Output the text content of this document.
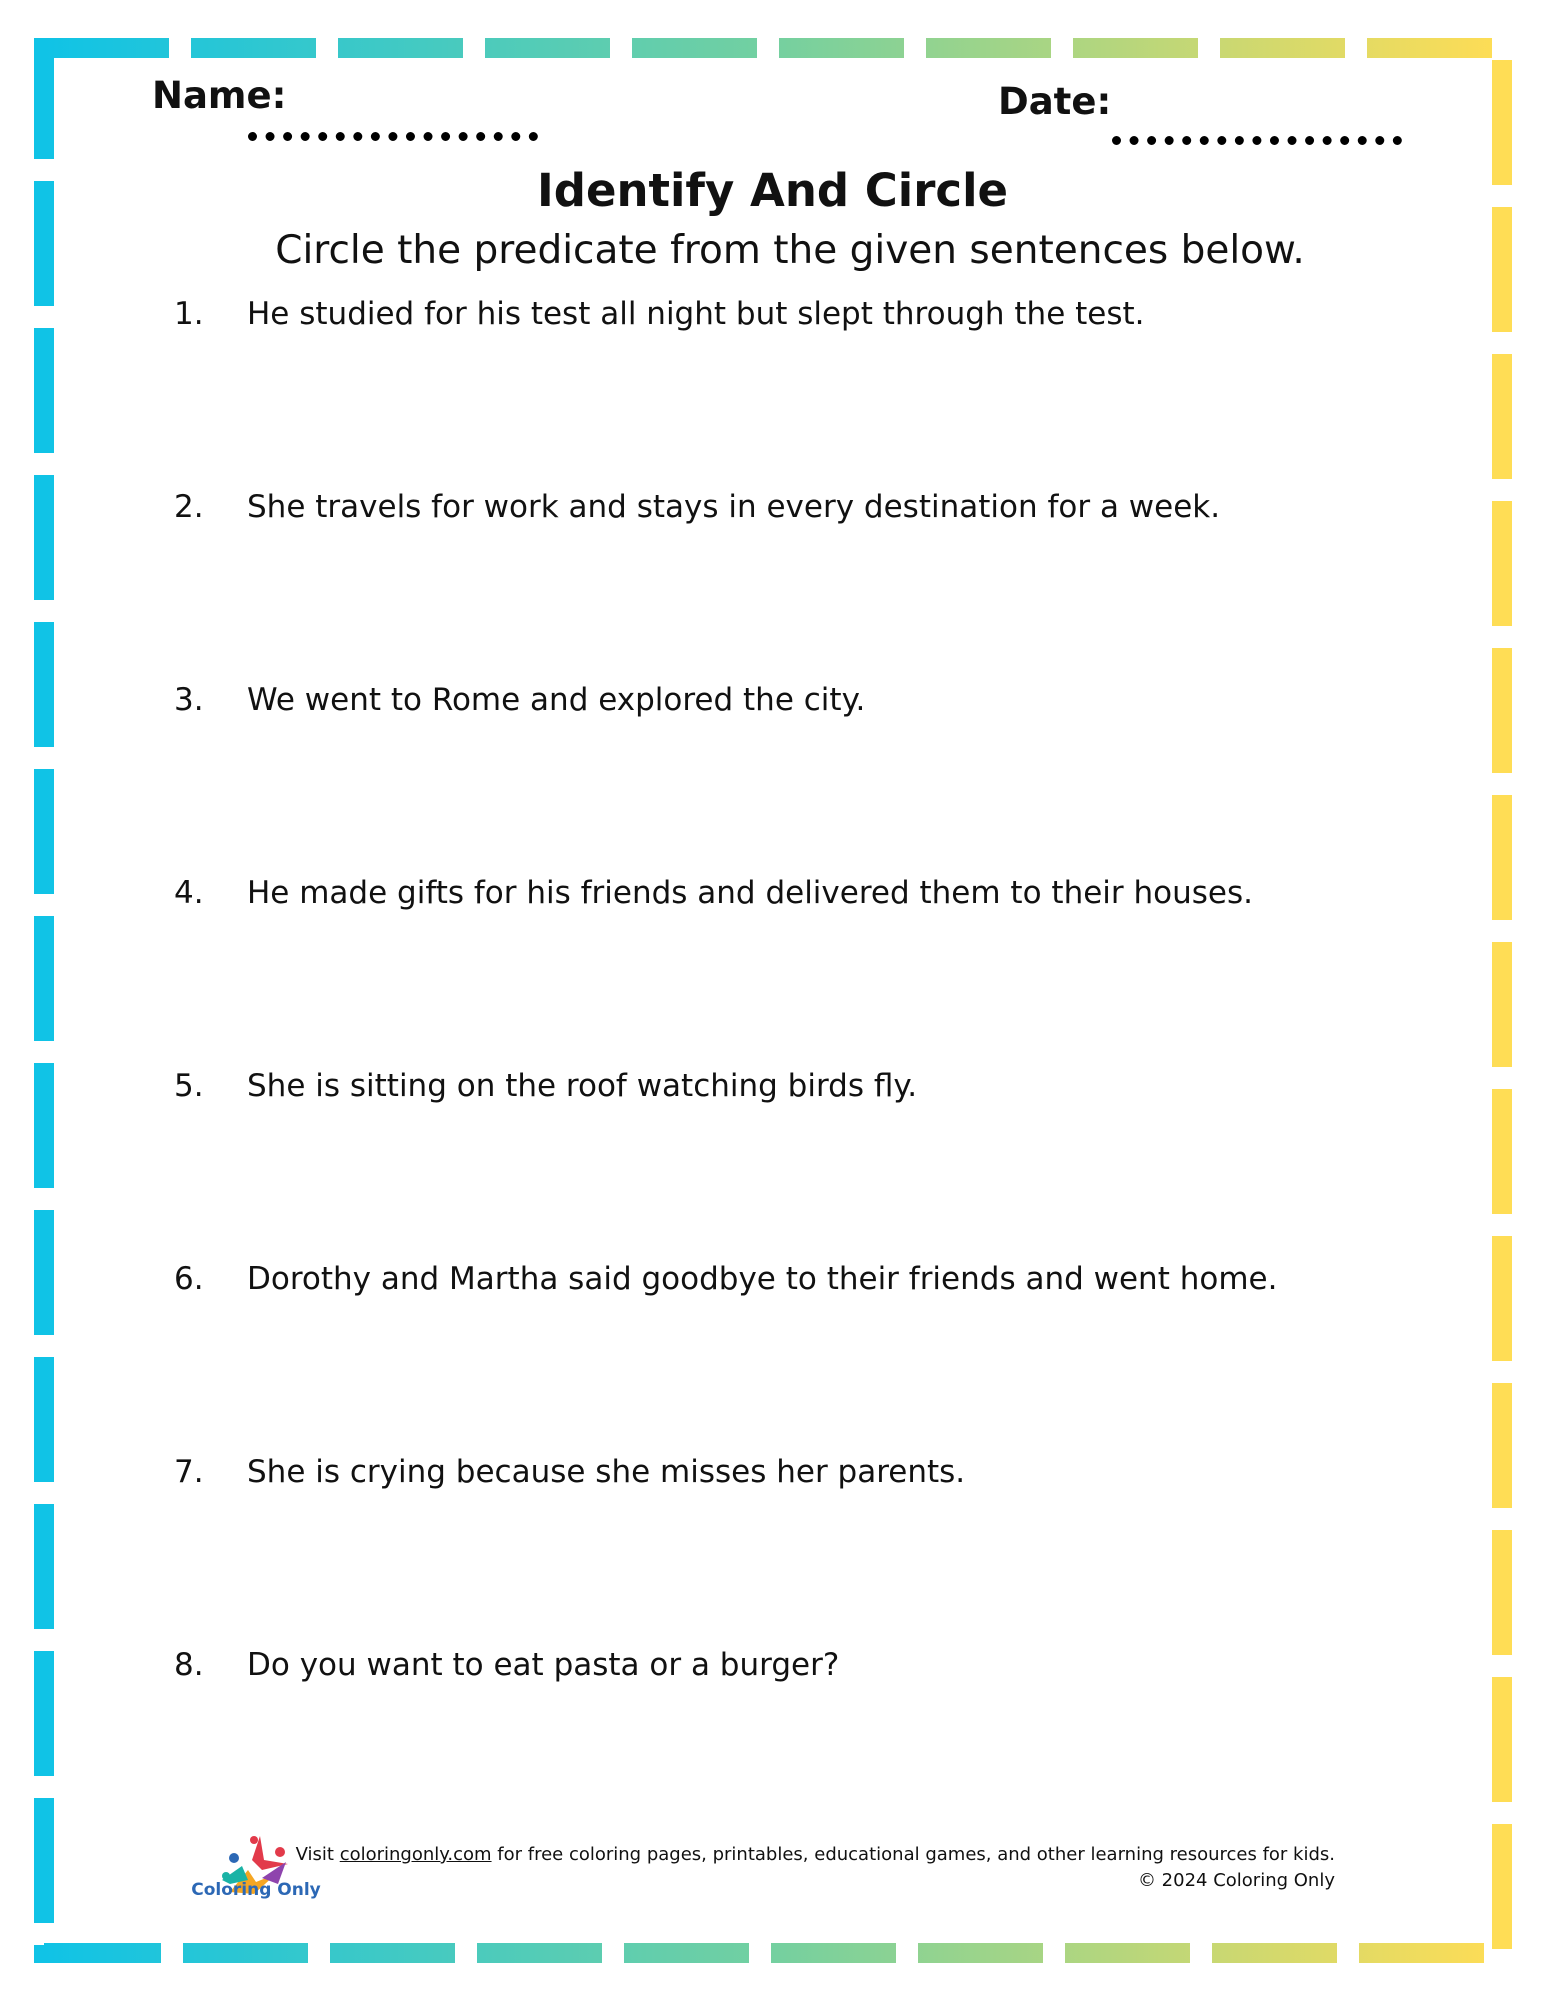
Name:	Date:
Identify And Circle

Circle the predicate from the given sentences below.

1.	He studied for his test all night but slept through the test.
2.	She travels for work and stays in every destination for a week.
3.	We went to Rome and explored the city.
4.	He made gifts for his friends and delivered them to their houses.
5.	She is sitting on the roof watching birds fly.
6.	Dorothy and Martha said goodbye to their friends and went home.
7.	She is crying because she misses her parents.
8.	Do you want to eat pasta or a burger?
Coloring Only
Visit coloringonly.com for free coloring pages, printables, educational games, and other learning resources for kids.
© 2024 Coloring Only
